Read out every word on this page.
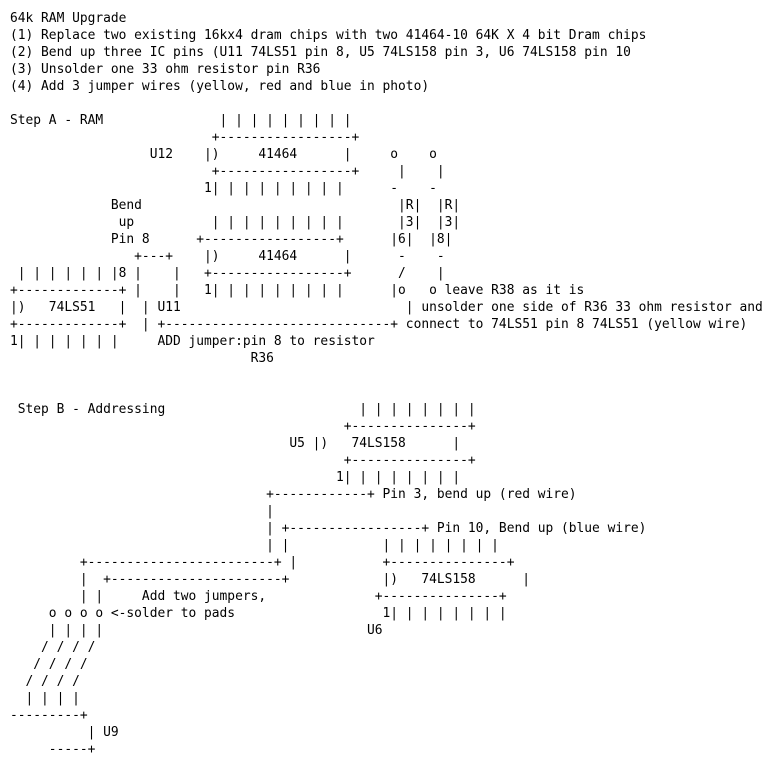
64k RAM Upgrade
(1) Replace two existing 16kx4 dram chips with two 41464-10 64K X 4 bit Dram chips
(2) Bend up three IC pins (U11 74LS51 pin 8, U5 74LS158 pin 3, U6 74LS158 pin 10
(3) Unsolder one 33 ohm resistor pin R36
(4) Add 3 jumper wires (yellow, red and blue in photo)

Step A - RAM               | | | | | | | | |
+-----------------+
U12    |)     41464      |     o    o
+-----------------+     |    |
1| | | | | | | | |      -    -
Bend                                 |R|  |R|
up          | | | | | | | | |       |3|  |3|
Pin 8      +-----------------+      |6|  |8|
+---+    |)     41464      |      -    -
| | | | | | |8 |    |   +-----------------+      /    |
+-------------+ |    |   1| | | | | | | | |      |o   o leave R38 as it is
|)   74LS51   |  | U11                             | unsolder one side of R36 33 ohm resistor and
+-------------+  | +-----------------------------+ connect to 74LS51 pin 8 74LS51 (yellow wire)
1| | | | | | |     ADD jumper:pin 8 to resistor
R36

Step B - Addressing                         | | | | | | | |
+---------------+
U5 |)   74LS158      |
+---------------+
1| | | | | | | |
+------------+ Pin 3, bend up (red wire)
|
| +-----------------+ Pin 10, Bend up (blue wire)
| |            | | | | | | | |
+------------------------+ |           +---------------+
|  +----------------------+            |)   74LS158      |
| |     Add two jumpers,              +---------------+
o o o o <-solder to pads                   1| | | | | | | |
| | | |                                  U6
/ / / /
/ / / /
/ / / /
| | | |
---------+
| U9
-----+
